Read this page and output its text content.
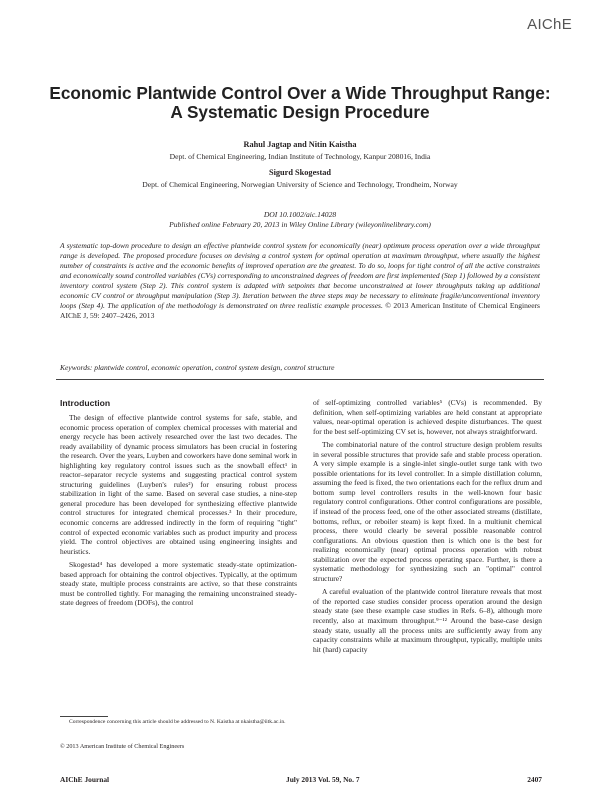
AIChE
Economic Plantwide Control Over a Wide Throughput Range:
A Systematic Design Procedure
Rahul Jagtap and Nitin Kaistha
Dept. of Chemical Engineering, Indian Institute of Technology, Kanpur 208016, India
Sigurd Skogestad
Dept. of Chemical Engineering, Norwegian University of Science and Technology, Trondheim, Norway
DOI 10.1002/aic.14028
Published online February 20, 2013 in Wiley Online Library (wileyonlinelibrary.com)
A systematic top-down procedure to design an effective plantwide control system for economically (near) optimum process operation over a wide throughput range is developed. The proposed procedure focuses on devising a control system for optimal operation at maximum throughput, where usually the highest number of constraints is active and the economic benefits of improved operation are the greatest. To do so, loops for tight control of all the active constraints and economically sound controlled variables (CVs) corresponding to unconstrained degrees of freedom are first implemented (Step 1) followed by a consistent inventory control system (Step 2). This control system is adapted with setpoints that become unconstrained at lower throughputs taking up additional economic CV control or throughput manipulation (Step 3). Iteration between the three steps may be necessary to eliminate fragile/unconventional inventory loops (Step 4). The application of the methodology is demonstrated on three realistic example processes. © 2013 American Institute of Chemical Engineers AIChE J, 59: 2407–2426, 2013
Keywords: plantwide control, economic operation, control system design, control structure
Introduction

The design of effective plantwide control systems for safe, stable, and economic process operation of complex chemical processes with material and energy recycle has been actively researched over the last two decades. The ready availability of dynamic process simulators has been crucial in fostering the research. Over the years, Luyben and coworkers have done seminal work in highlighting key regulatory control issues such as the snowball effect¹ in reactor–separator recycle systems and suggesting practical control system structuring guidelines (Luyben's rules²) for ensuring robust process stabilization in light of the same. Based on several case studies, a nine-step general procedure has been developed for synthesizing effective plantwide control structures for integrated chemical processes.³ In their procedure, economic concerns are addressed indirectly in the form of requiring "tight" control of expected economic variables such as product impurity and process yield. The control objectives are obtained using engineering insights and heuristics.

Skogestad⁴ has developed a more systematic steady-state optimization-based approach for obtaining the control objectives. Typically, at the optimum steady state, multiple process constraints are active, so that these constraints must be controlled tightly. For managing the remaining unconstrained steady-state degrees of freedom (DOFs), the control

of self-optimizing controlled variables⁵ (CVs) is recommended. By definition, when self-optimizing variables are held constant at appropriate values, near-optimal operation is achieved despite disturbances. The quest for the best self-optimizing CV set is, however, not always straightforward.

The combinatorial nature of the control structure design problem results in several possible structures that provide safe and stable process operation. A very simple example is a single-inlet single-outlet surge tank with two possible orientations for its level controller. In a simple distillation column, assuming the feed is fixed, the two orientations each for the reflux drum and bottom sump level controllers results in the well-known four basic regulatory control configurations. Other control configurations are possible, if instead of the process feed, one of the other associated streams (distillate, bottoms, reflux, or reboiler steam) is kept fixed. In a multiunit chemical process, there would clearly be several possible reasonable control configurations. An obvious question then is which one is the best for realizing economically (near) optimal process operation with robust stabilization over the expected process operating space. Further, is there a systematic methodology for synthesizing such an "optimal" control structure?

A careful evaluation of the plantwide control literature reveals that most of the reported case studies consider process operation around the design steady state (see these example case studies in Refs. 6–8), although more recently, also at maximum throughput.⁹⁻¹² Around the base-case design steady state, usually all the process units are sufficiently away from any capacity constraints while at maximum throughput, typically, multiple units hit (hard) capacity

Correspondence concerning this article should be addressed to N. Kaistha at nkaistha@iitk.ac.in.
© 2013 American Institute of Chemical Engineers
AIChE Journal	July 2013 Vol. 59, No. 7	2407
